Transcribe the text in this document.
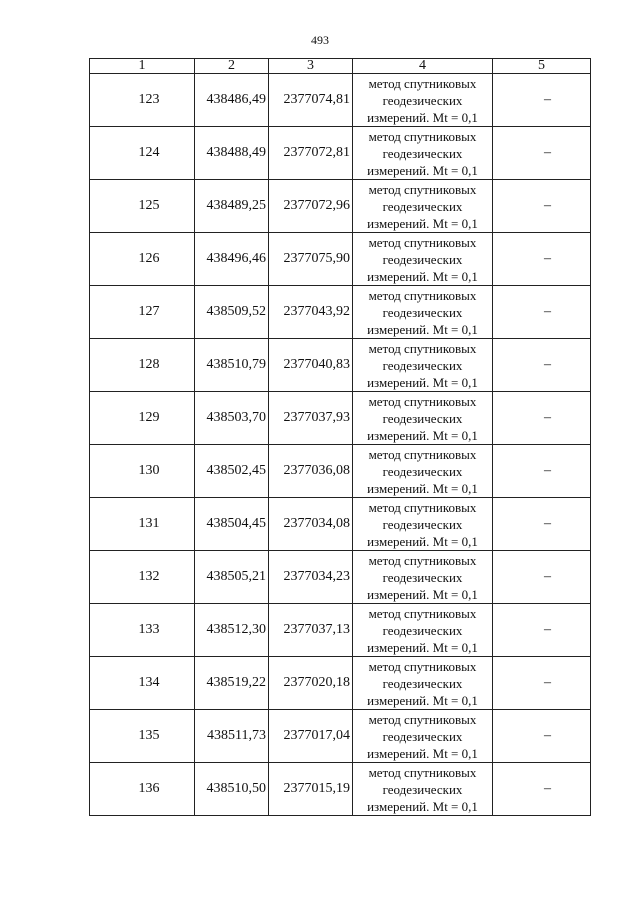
493
1	2	3	4	5
123	438486,49	2377074,81	метод спутниковых
геодезических
измерений. Mt = 0,1	–
124	438488,49	2377072,81	метод спутниковых
геодезических
измерений. Mt = 0,1	–
125	438489,25	2377072,96	метод спутниковых
геодезических
измерений. Mt = 0,1	–
126	438496,46	2377075,90	метод спутниковых
геодезических
измерений. Mt = 0,1	–
127	438509,52	2377043,92	метод спутниковых
геодезических
измерений. Mt = 0,1	–
128	438510,79	2377040,83	метод спутниковых
геодезических
измерений. Mt = 0,1	–
129	438503,70	2377037,93	метод спутниковых
геодезических
измерений. Mt = 0,1	–
130	438502,45	2377036,08	метод спутниковых
геодезических
измерений. Mt = 0,1	–
131	438504,45	2377034,08	метод спутниковых
геодезических
измерений. Mt = 0,1	–
132	438505,21	2377034,23	метод спутниковых
геодезических
измерений. Mt = 0,1	–
133	438512,30	2377037,13	метод спутниковых
геодезических
измерений. Mt = 0,1	–
134	438519,22	2377020,18	метод спутниковых
геодезических
измерений. Mt = 0,1	–
135	438511,73	2377017,04	метод спутниковых
геодезических
измерений. Mt = 0,1	–
136	438510,50	2377015,19	метод спутниковых
геодезических
измерений. Mt = 0,1	–
